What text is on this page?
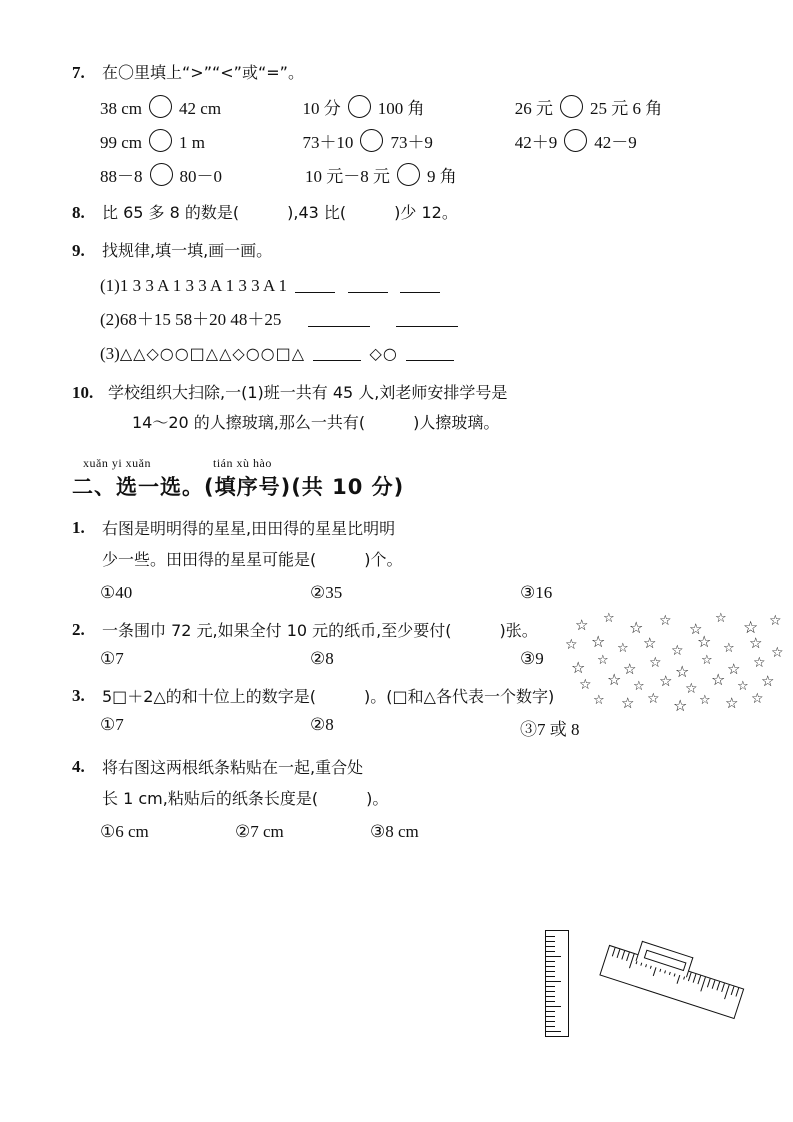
7.	在〇里填上“>”“<”或“=”。
38 cm 42 cm	10 分 100 角	26 元 25 元 6 角
99 cm 1 m	73＋10 73＋9	42＋9 42－9
88－8 80－0	10 元－8 元 9 角
8.	比 65 多 8 的数是(	),43 比(	)少 12。
9.	找规律,填一填,画一画。
(1)1 3 3 A 1 3 3 A 1 3 3 A 1
(2)68＋15 58＋20 48＋25
(3)△△◇○○□△△◇○○□△	◇○
10. 学校组织大扫除,一(1)班一共有 45 人,刘老师安排学号是
14～20 的人擦玻璃,那么一共有(	)人擦玻璃。
xuǎn yi xuǎn	tián xù hào
二、选一选。(填序号)(共 10 分)
1.	右图是明明得的星星,田田得的星星比明明
少一些。田田得的星星可能是(	)个。
①40	②35	③16
2.	一条围巾 72 元,如果全付 10 元的纸币,至少要付(	)张。
①7	②8	③9
3.	5□＋2△的和十位上的数字是(	)。(□和△各代表一个数字)
①7	②8	③7 或 8
4.	将右图这两根纸条粘贴在一起,重合处
长 1 cm,粘贴后的纸条长度是(	)。
①6 cm	②7 cm	③8 cm
☆ ☆ ☆ ☆ ☆
☆ ☆ ☆
☆ ☆ ☆ ☆ ☆ ☆ ☆ ☆
☆
☆ ☆ ☆ ☆ ☆
☆ ☆ ☆
☆ ☆ ☆ ☆ ☆ ☆ ☆ ☆
☆ ☆ ☆ ☆ ☆ ☆ ☆
